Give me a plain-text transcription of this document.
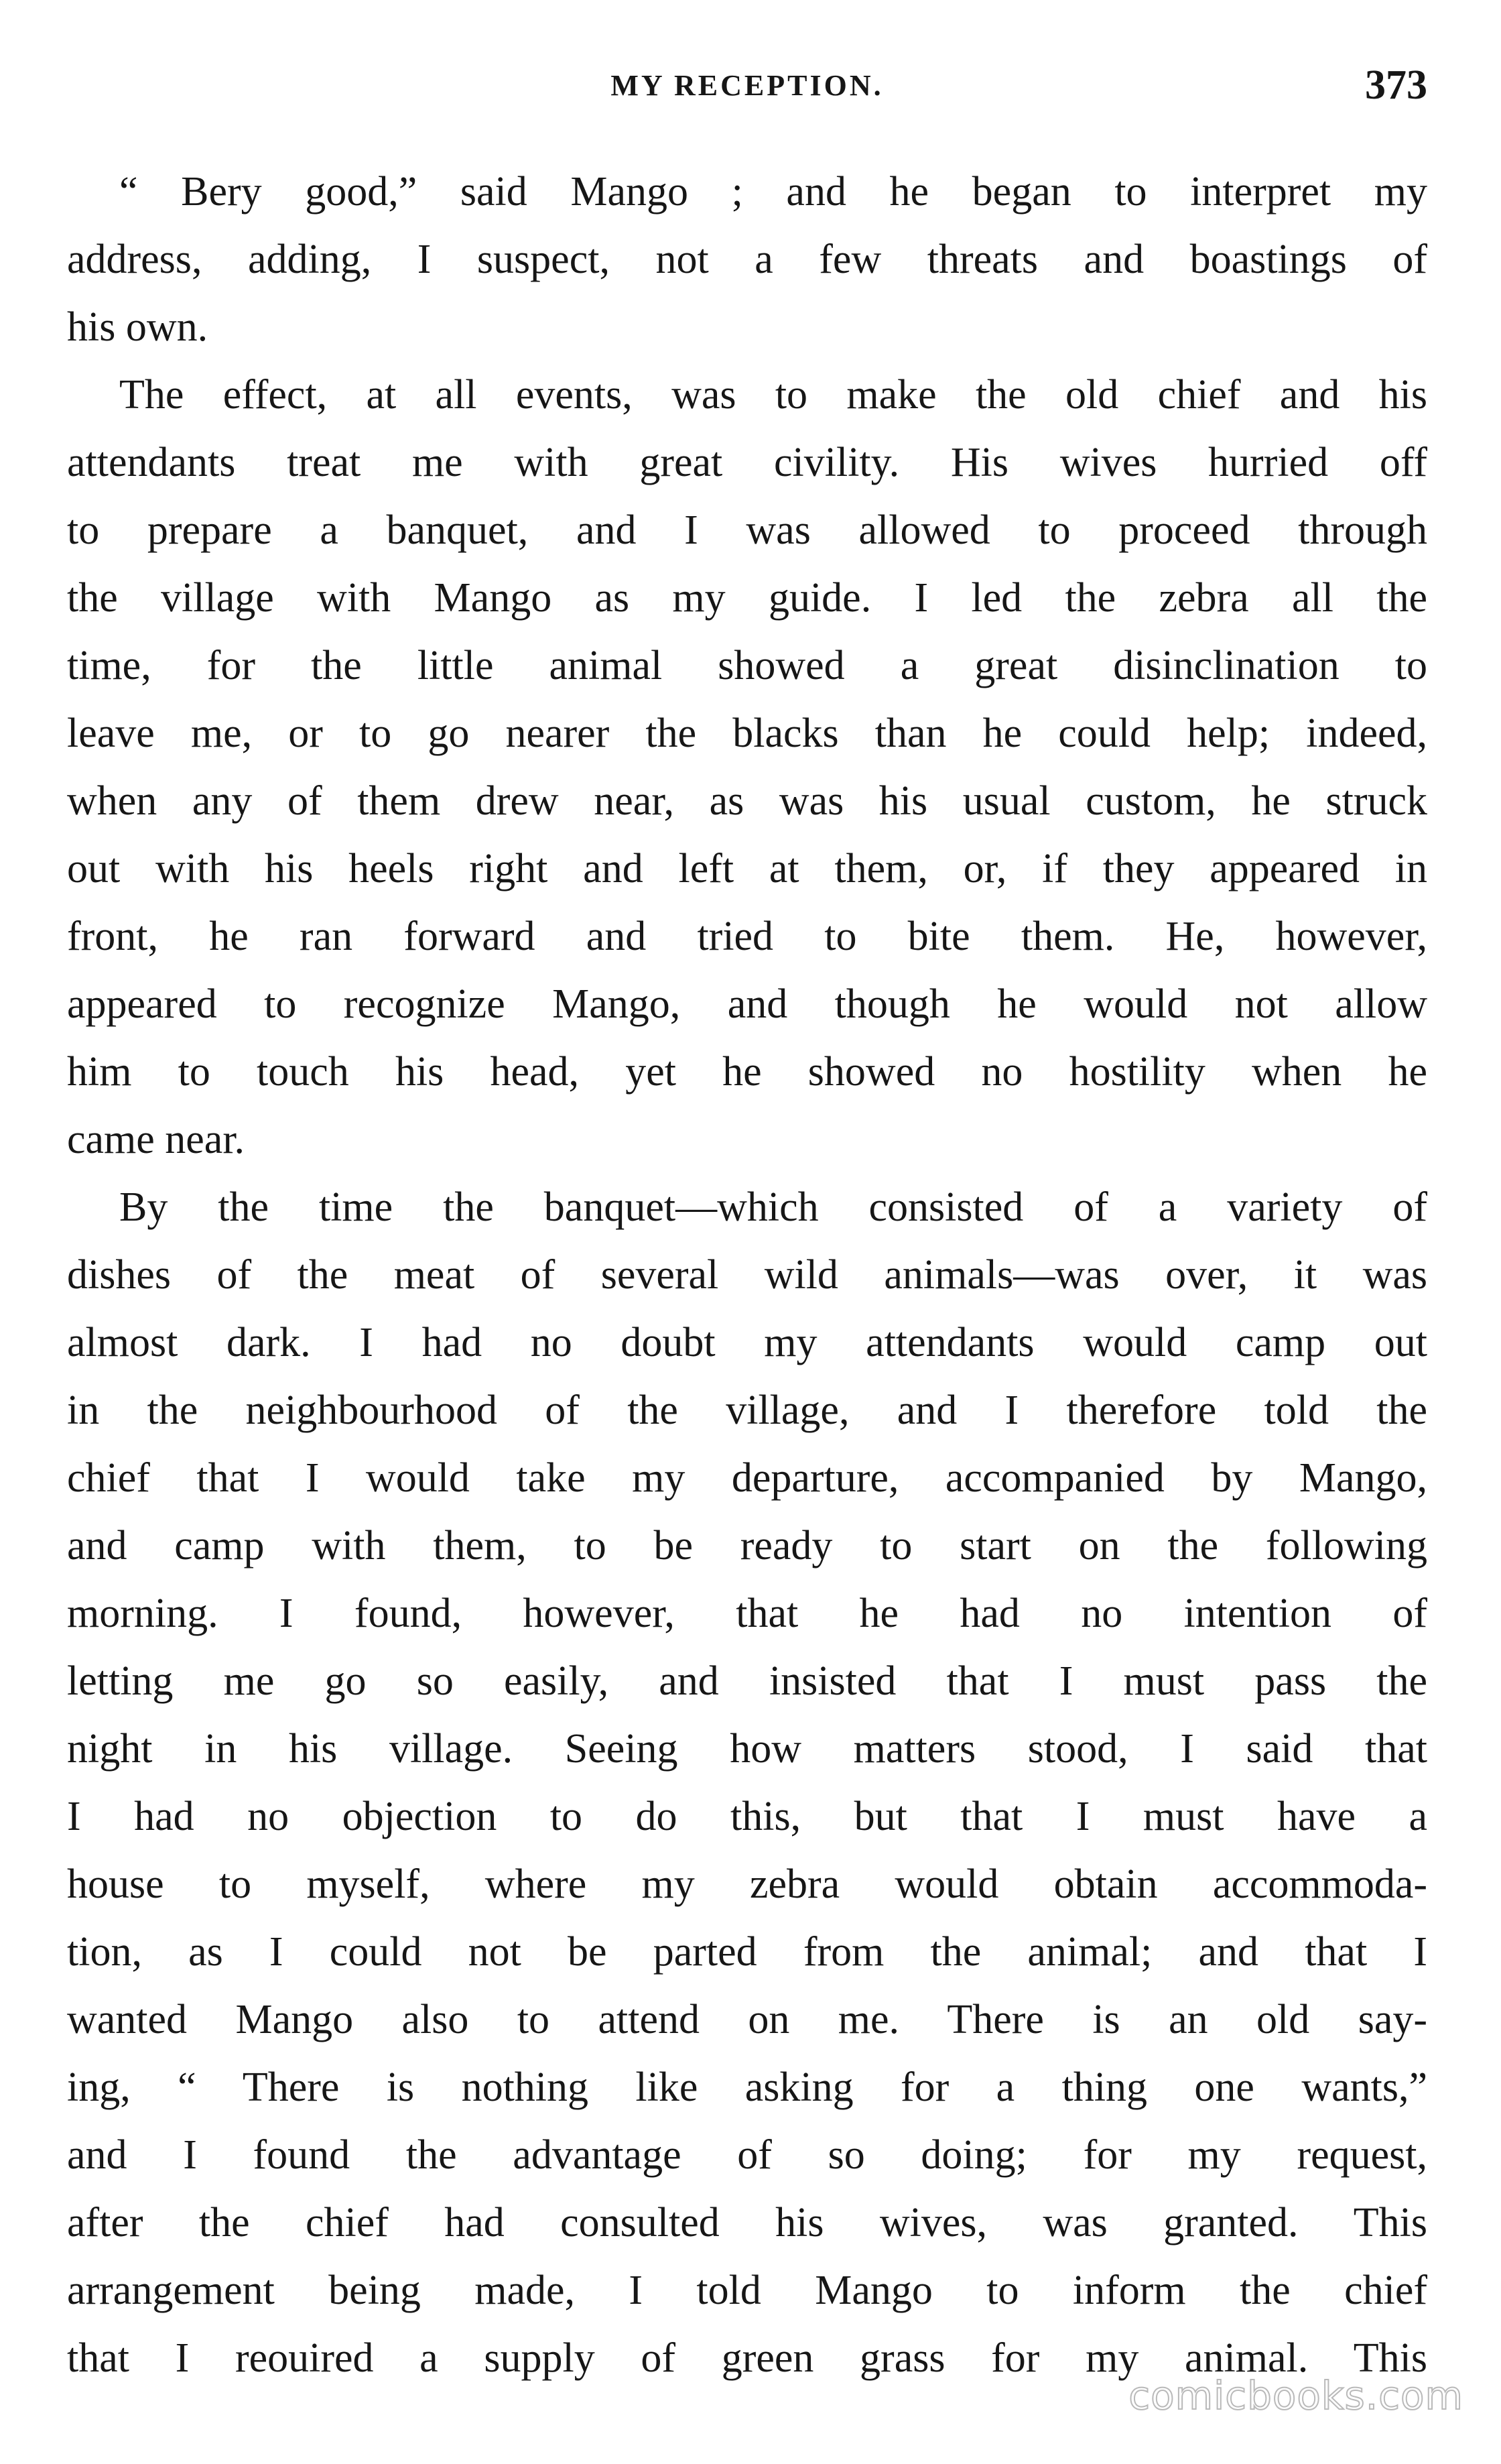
MY RECEPTION.	373
“ Bery good,” said Mango ; and he began to interpret my
address, adding, I suspect, not a few threats and boastings of
his own.
The effect, at all events, was to make the old chief and his
attendants treat me with great civility. His wives hurried off
to prepare a banquet, and I was allowed to proceed through
the village with Mango as my guide. I led the zebra all the
time, for the little animal showed a great disinclination to
leave me, or to go nearer the blacks than he could help; indeed,
when any of them drew near, as was his usual custom, he struck
out with his heels right and left at them, or, if they appeared in
front, he ran forward and tried to bite them. He, however,
appeared to recognize Mango, and though he would not allow
him to touch his head, yet he showed no hostility when he
came near.
By the time the banquet—which consisted of a variety of
dishes of the meat of several wild animals—was over, it was
almost dark. I had no doubt my attendants would camp out
in the neighbourhood of the village, and I therefore told the
chief that I would take my departure, accompanied by Mango,
and camp with them, to be ready to start on the following
morning. I found, however, that he had no intention of
letting me go so easily, and insisted that I must pass the
night in his village. Seeing how matters stood, I said that
I had no objection to do this, but that I must have a
house to myself, where my zebra would obtain accommoda-
tion, as I could not be parted from the animal; and that I
wanted Mango also to attend on me. There is an old say-
ing, “ There is nothing like asking for a thing one wants,”
and I found the advantage of so doing; for my request,
after the chief had consulted his wives, was granted. This
arrangement being made, I told Mango to inform the chief
that I reouired a supply of green grass for my animal. This
comicbooks.com
